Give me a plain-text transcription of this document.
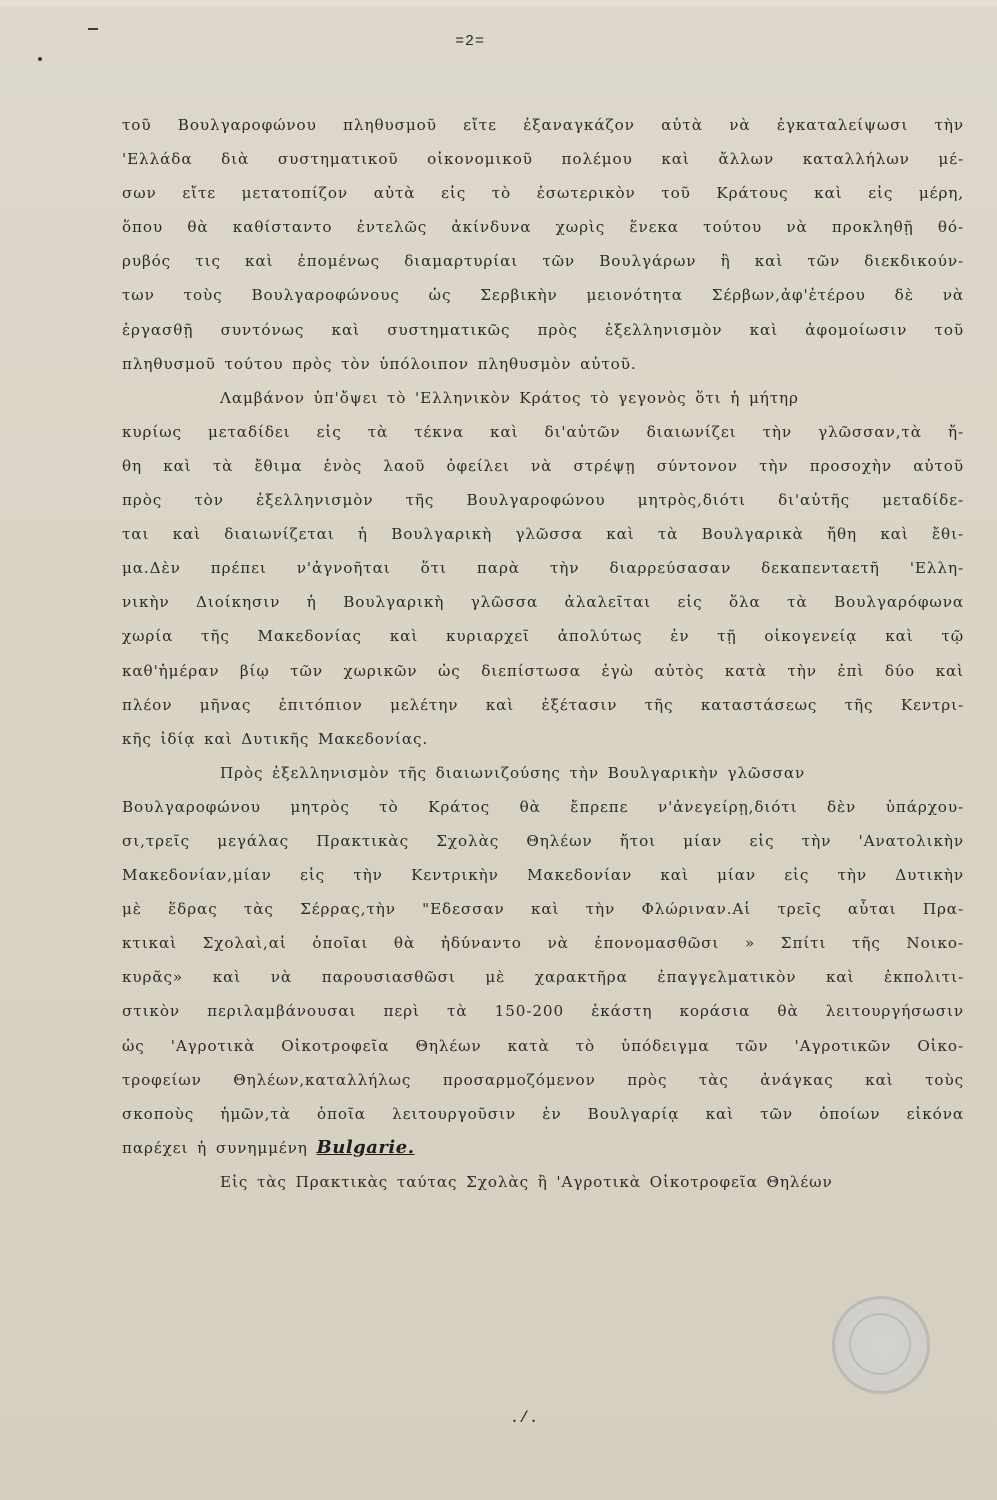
=2=
τοῦ Βουλγαροφώνου πληθυσμοῦ εἴτε ἐξαναγκάζον αὐτὰ νὰ ἐγκαταλείψωσι τὴν
'Ελλάδα διὰ συστηματικοῦ οἰκονομικοῦ πολέμου καὶ ἄλλων καταλλήλων μέ-
σων εἴτε μετατοπίζον αὐτὰ εἰς τὸ ἐσωτερικὸν τοῦ Κράτους καὶ εἰς μέρη,
ὅπου θὰ καθίσταντο ἐντελῶς ἀκίνδυνα χωρὶς ἕνεκα τούτου νὰ προκληθῇ θό-
ρυβός τις καὶ ἐπομένως διαμαρτυρίαι τῶν Βουλγάρων ἢ καὶ τῶν διεκδικούν-
των τοὺς Βουλγαροφώνους ὡς Σερβικὴν μειονότητα Σέρβων,ἀφ'ἑτέρου δὲ νὰ
ἐργασθῇ συντόνως καὶ συστηματικῶς πρὸς ἐξελληνισμὸν καὶ ἀφομοίωσιν τοῦ
πληθυσμοῦ τούτου πρὸς τὸν ὑπόλοιπον πληθυσμὸν αὐτοῦ.
Λαμβάνον ὑπ'ὄψει τὸ 'Ελληνικὸν Κράτος τὸ γεγονὸς ὅτι ἡ μήτηρ
κυρίως μεταδίδει εἰς τὰ τέκνα καὶ δι'αὐτῶν διαιωνίζει τὴν γλῶσσαν,τὰ ἤ-
θη καὶ τὰ ἔθιμα ἑνὸς λαοῦ ὀφείλει νὰ στρέψῃ σύντονον τὴν προσοχὴν αὐτοῦ
πρὸς τὸν ἐξελληνισμὸν τῆς Βουλγαροφώνου μητρὸς,διότι δι'αὐτῆς μεταδίδε-
ται καὶ διαιωνίζεται ἡ Βουλγαρικὴ γλῶσσα καὶ τὰ Βουλγαρικὰ ἤθη καὶ ἔθι-
μα.Δὲν πρέπει ν'ἀγνοῆται ὅτι παρὰ τὴν διαρρεύσασαν δεκαπενταετῆ 'Ελλη-
νικὴν Διοίκησιν ἡ Βουλγαρικὴ γλῶσσα ἀλαλεῖται εἰς ὅλα τὰ Βουλγαρόφωνα
χωρία τῆς Μακεδονίας καὶ κυριαρχεῖ ἀπολύτως ἐν τῇ οἰκογενείᾳ καὶ τῷ
καθ'ἡμέραν βίῳ τῶν χωρικῶν ὡς διεπίστωσα ἐγὼ αὐτὸς κατὰ τὴν ἐπὶ δύο καὶ
πλέον μῆνας ἐπιτόπιον μελέτην καὶ ἐξέτασιν τῆς καταστάσεως τῆς Κεντρι-
κῆς ἰδίᾳ καὶ Δυτικῆς Μακεδονίας.
Πρὸς ἐξελληνισμὸν τῆς διαιωνιζούσης τὴν Βουλγαρικὴν γλῶσσαν
Βουλγαροφώνου μητρὸς τὸ Κράτος θὰ ἔπρεπε ν'ἀνεγείρῃ,διότι δὲν ὑπάρχου-
σι,τρεῖς μεγάλας Πρακτικὰς Σχολὰς Θηλέων ἤτοι μίαν εἰς τὴν 'Ανατολικὴν
Μακεδονίαν,μίαν εἰς τὴν Κεντρικὴν Μακεδονίαν καὶ μίαν εἰς τὴν Δυτικὴν
μὲ ἕδρας τὰς Σέρρας,τὴν "Εδεσσαν καὶ τὴν Φλώριναν.Αἱ τρεῖς αὗται Πρα-
κτικαὶ Σχολαὶ,αἱ ὁποῖαι θὰ ἠδύναντο νὰ ἐπονομασθῶσι » Σπίτι τῆς Νοικο-
κυρᾶς» καὶ νὰ παρουσιασθῶσι μὲ χαρακτῆρα ἐπαγγελματικὸν καὶ ἐκπολιτι-
στικὸν περιλαμβάνουσαι περὶ τὰ 150-200 ἑκάστη κοράσια θὰ λειτουργήσωσιν
ὡς 'Αγροτικὰ Οἰκοτροφεῖα Θηλέων κατὰ τὸ ὑπόδειγμα τῶν 'Αγροτικῶν Οἰκο-
τροφείων Θηλέων,καταλλήλως προσαρμοζόμενον πρὸς τὰς ἀνάγκας καὶ τοὺς
σκοποὺς ἡμῶν,τὰ ὁποῖα λειτουργοῦσιν ἐν Βουλγαρίᾳ καὶ τῶν ὁποίων εἰκόνα
παρέχει ἡ συνημμένη Bulgarie.
Εἰς τὰς Πρακτικὰς ταύτας Σχολὰς ἢ 'Αγροτικὰ Οἰκοτροφεῖα Θηλέων
./.
